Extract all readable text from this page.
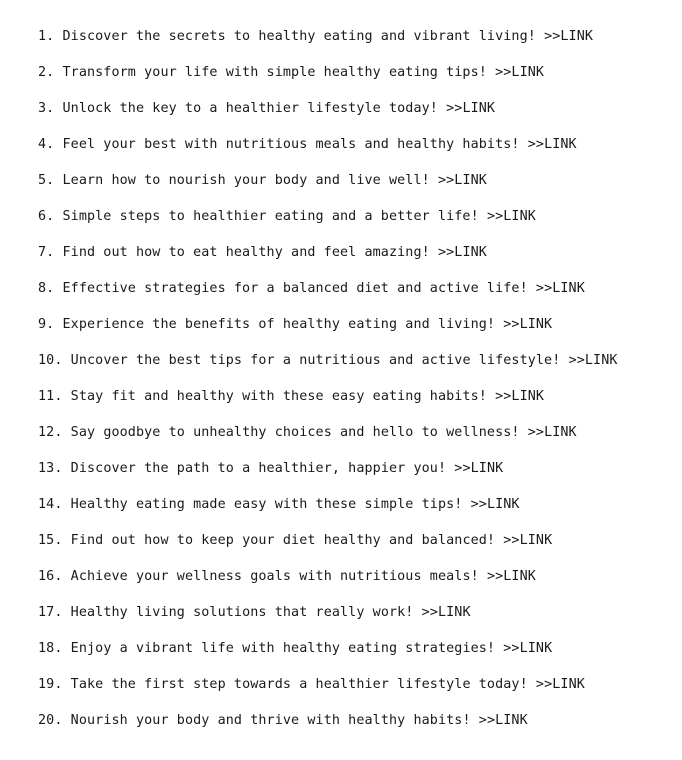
1. Discover the secrets to healthy eating and vibrant living! >>LINK
2. Transform your life with simple healthy eating tips! >>LINK
3. Unlock the key to a healthier lifestyle today! >>LINK
4. Feel your best with nutritious meals and healthy habits! >>LINK
5. Learn how to nourish your body and live well! >>LINK
6. Simple steps to healthier eating and a better life! >>LINK
7. Find out how to eat healthy and feel amazing! >>LINK
8. Effective strategies for a balanced diet and active life! >>LINK
9. Experience the benefits of healthy eating and living! >>LINK
10. Uncover the best tips for a nutritious and active lifestyle! >>LINK
11. Stay fit and healthy with these easy eating habits! >>LINK
12. Say goodbye to unhealthy choices and hello to wellness! >>LINK
13. Discover the path to a healthier, happier you! >>LINK
14. Healthy eating made easy with these simple tips! >>LINK
15. Find out how to keep your diet healthy and balanced! >>LINK
16. Achieve your wellness goals with nutritious meals! >>LINK
17. Healthy living solutions that really work! >>LINK
18. Enjoy a vibrant life with healthy eating strategies! >>LINK
19. Take the first step towards a healthier lifestyle today! >>LINK
20. Nourish your body and thrive with healthy habits! >>LINK
